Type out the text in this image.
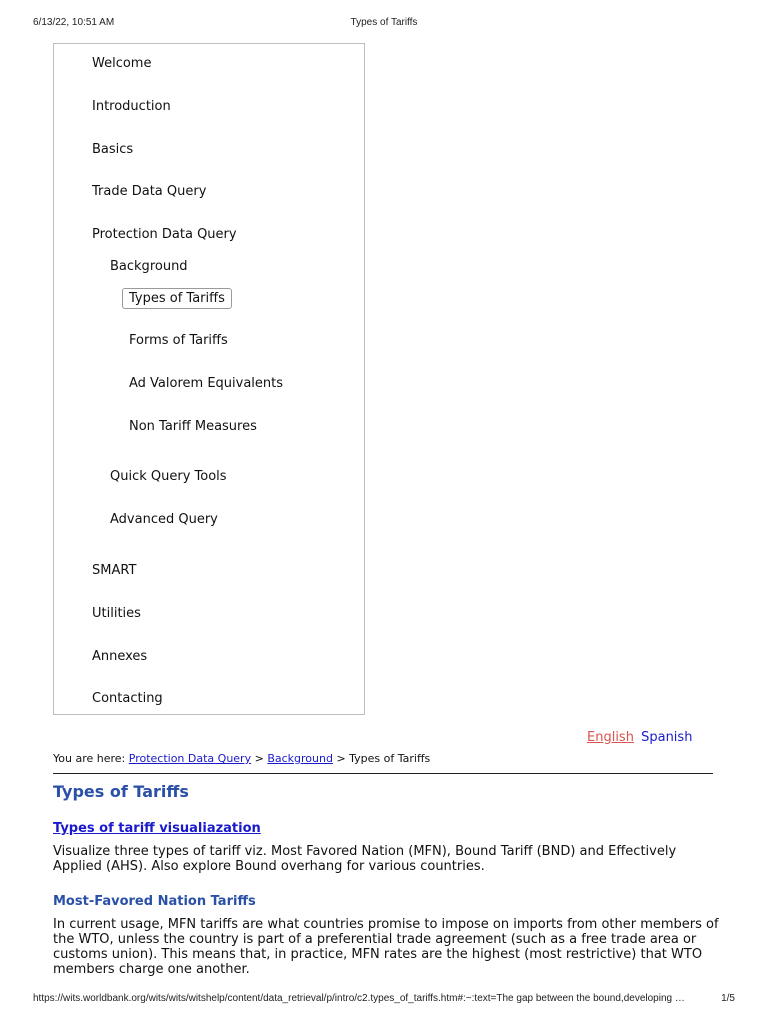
6/13/22, 10:51 AM	Types of Tariffs
Welcome
Introduction
Basics
Trade Data Query
Protection Data Query
Background
Types of Tariffs
Forms of Tariffs
Ad Valorem Equivalents
Non Tariff Measures
Quick Query Tools
Advanced Query
SMART
Utilities
Annexes
Contacting
English Spanish
You are here: Protection Data Query > Background > Types of Tariffs
Types of Tariffs
Types of tariff visualiazation
Visualize three types of tariff viz. Most Favored Nation (MFN), Bound Tariff (BND) and Effectively Applied (AHS). Also explore Bound overhang for various countries.
Most-Favored Nation Tariffs
In current usage, MFN tariffs are what countries promise to impose on imports from other members of the WTO, unless the country is part of a preferential trade agreement (such as a free trade area or customs union). This means that, in practice, MFN rates are the highest (most restrictive) that WTO members charge one another.
https://wits.worldbank.org/wits/wits/witshelp/content/data_retrieval/p/intro/c2.types_of_tariffs.htm#:~:text=The gap between the bound,developing …	1/5
